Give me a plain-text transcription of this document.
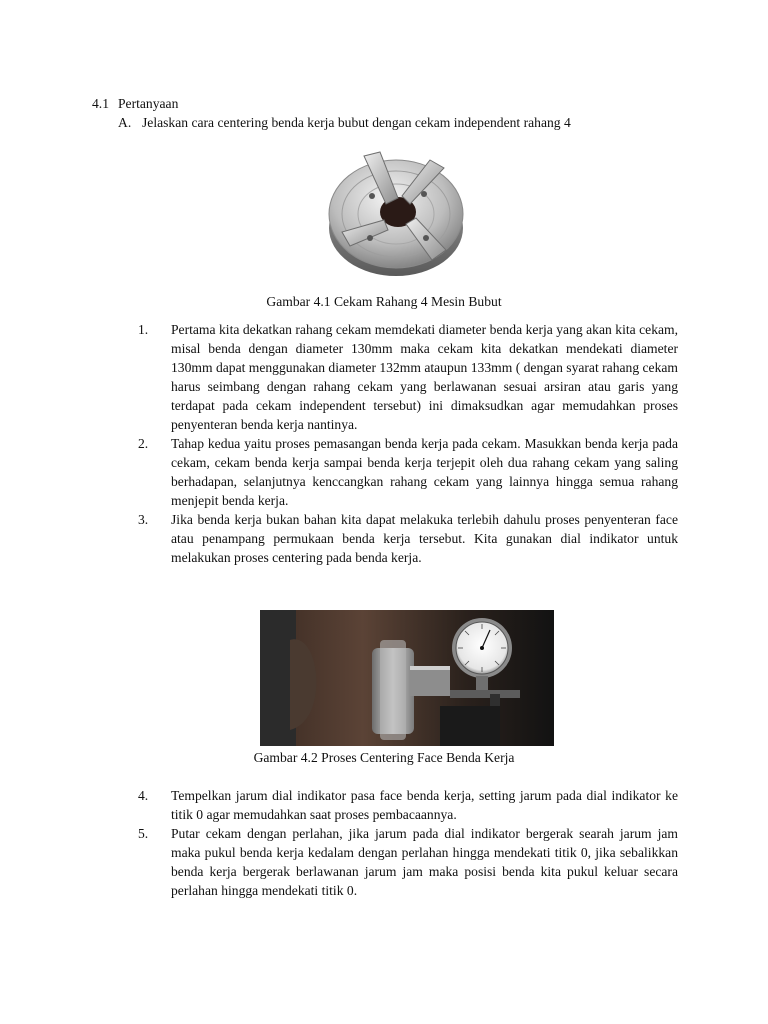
4.1 Pertanyaan
A. Jelaskan cara centering benda kerja bubut dengan cekam independent rahang 4
Gambar 4.1 Cekam Rahang 4 Mesin Bubut
1. Pertama kita dekatkan rahang cekam memdekati diameter benda kerja yang akan kita cekam, misal benda dengan diameter 130mm maka cekam kita dekatkan mendekati diameter 130mm dapat menggunakan diameter 132mm ataupun 133mm ( dengan syarat rahang cekam harus seimbang dengan rahang cekam yang berlawanan sesuai arsiran atau garis yang terdapat pada cekam independent tersebut) ini dimaksudkan agar memudahkan proses penyenteran benda kerja nantinya.
2. Tahap kedua yaitu proses pemasangan benda kerja pada cekam. Masukkan benda kerja pada cekam, cekam benda kerja sampai benda kerja terjepit oleh dua rahang cekam yang saling berhadapan, selanjutnya kenccangkan rahang cekam yang lainnya hingga semua rahang menjepit benda kerja.
3. Jika benda kerja bukan bahan kita dapat melakuka terlebih dahulu proses penyenteran face atau penampang permukaan benda kerja tersebut. Kita gunakan dial indikator untuk melakukan proses centering pada benda kerja.
Gambar 4.2 Proses Centering Face Benda Kerja
4. Tempelkan jarum dial indikator pasa face benda kerja, setting jarum pada dial indikator ke titik 0 agar memudahkan saat proses pembacaannya.
5. Putar cekam dengan perlahan, jika jarum pada dial indikator bergerak searah jarum jam maka pukul benda kerja kedalam dengan perlahan hingga mendekati titik 0, jika sebalikkan benda kerja bergerak berlawanan jarum jam maka posisi benda kita pukul keluar secara perlahan hingga mendekati titik 0.
